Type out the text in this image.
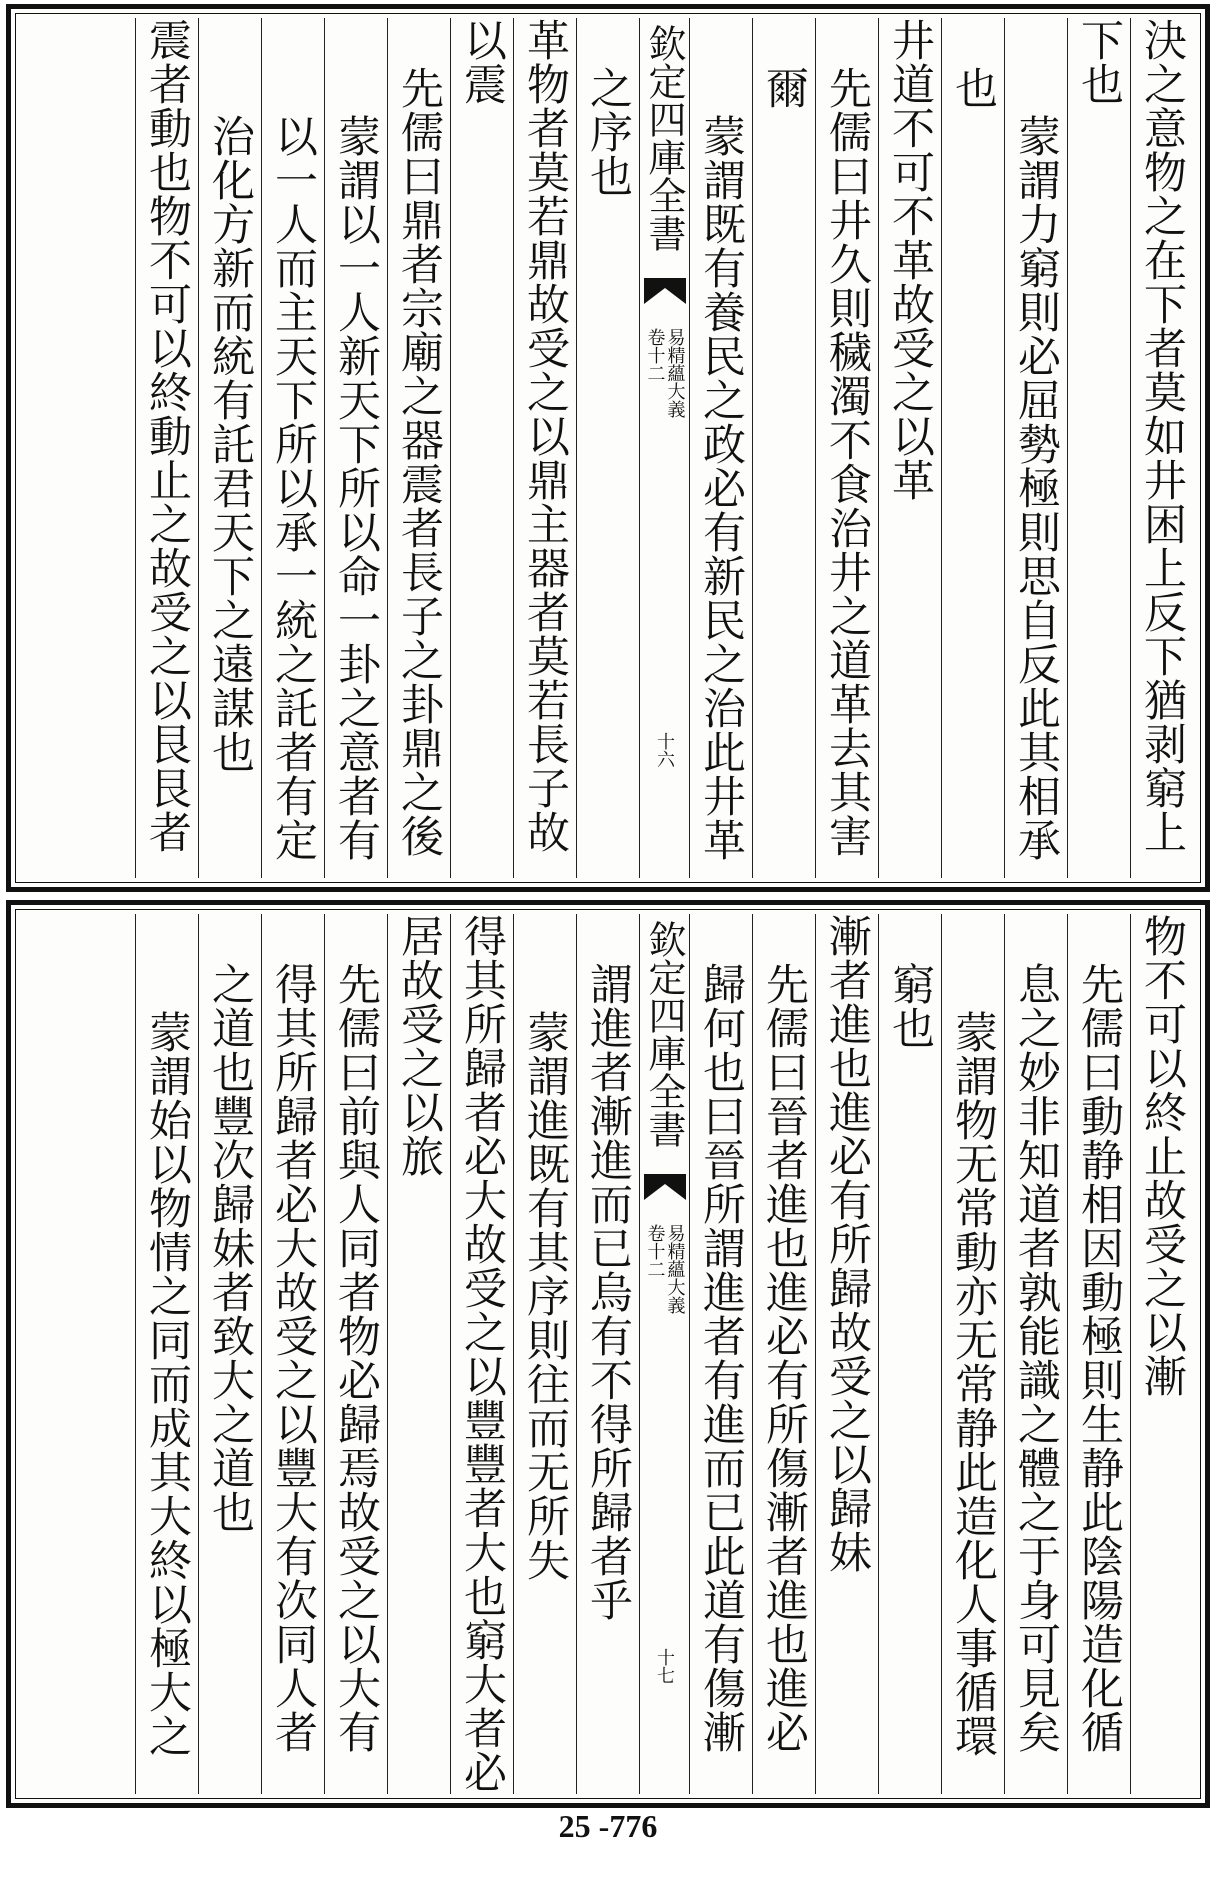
決之意物之在下者莫如井困上反下猶剥窮上
下也
蒙謂力窮則必屈勢極則思自反此其相承
也
井道不可不革故受之以革
先儒曰井久則穢濁不食治井之道革去其害
爾
蒙謂既有養民之政必有新民之治此井革
欽定四庫全書
易精蘊大義
卷十二
十六
之序也
革物者莫若鼎故受之以鼎主器者莫若長子故
以震
先儒曰鼎者宗廟之器震者長子之卦鼎之後
蒙謂以一人新天下所以命一卦之意者有
以一人而主天下所以承一統之託者有定
治化方新而統有託君天下之遠謀也
震者動也物不可以終動止之故受之以艮艮者
物不可以終止故受之以漸
先儒曰動静相因動極則生静此陰陽造化循
息之妙非知道者孰能識之體之于身可見矣
蒙謂物无常動亦无常静此造化人事循環
窮也
漸者進也進必有所歸故受之以歸妹
先儒曰晉者進也進必有所傷漸者進也進必
歸何也曰晉所謂進者有進而已此道有傷漸
欽定四庫全書
易精蘊大義
卷十二
十七
謂進者漸進而已烏有不得所歸者乎
蒙謂進既有其序則往而无所失
得其所歸者必大故受之以豐豐者大也窮大者必
居故受之以旅
先儒曰前與人同者物必歸焉故受之以大有
得其所歸者必大故受之以豐大有次同人者
之道也豐次歸妹者致大之道也
蒙謂始以物情之同而成其大終以極大之
25 -776
